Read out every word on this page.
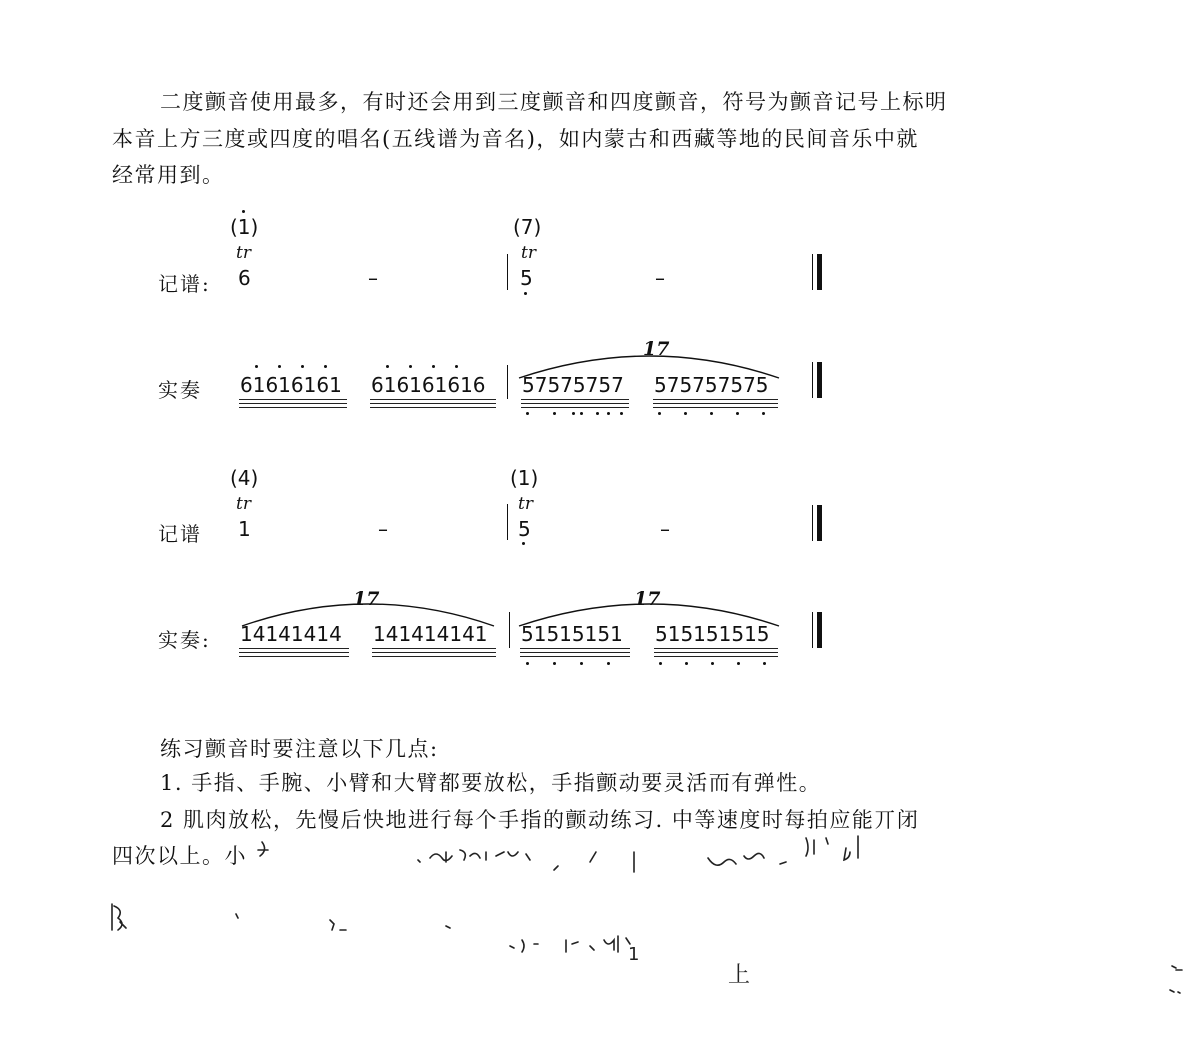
二度颤音使用最多，有时还会用到三度颤音和四度颤音，符号为颤音记号上标明
本音上方三度或四度的唱名(五线谱为音名)，如内蒙古和西藏等地的民间音乐中就
经常用到。
(1)
tr
记谱: 6	–
(7)
tr
5	–
实奏 61616161 616161616
17
57575757 575757575
(4)
tr
记谱 1	–
(1)
tr
5	–
实奏:
17
14141414 141414141
17
51515151 515151515
练习颤音时要注意以下几点:
1. 手指、手腕、小臂和大臂都要放松，手指颤动要灵活而有弹性。
2 肌肉放松，先慢后快地进行每个手指的颤动练习. 中等速度时每拍应能丌闭
四次以上。小
1
上
